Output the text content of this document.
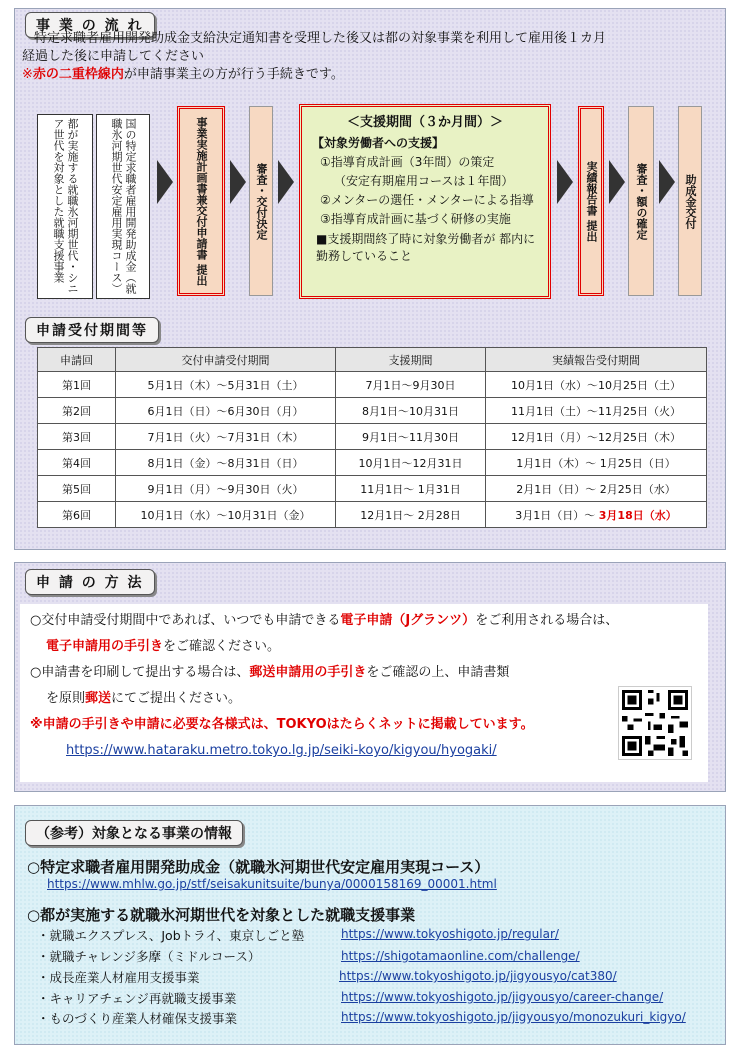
事 業 の 流 れ
申請受付期間等
特定求職者雇用開発助成金支給決定通知書を受理した後又は都の対象事業を利用して雇用後１カ月
経過した後に申請してください
※赤の二重枠線内が申請事業主の方が行う手続きです。
都が実施する就職氷河期世代・シニア世代を対象とした就職支援事業	国の特定求職者雇用開発助成金（就職氷河期世代安定雇用実現コース）	事業実施計画書兼交付申請書 提出	審査・交付決定
＜支援期間（３か月間）＞
【対象労働者への支援】
①指導育成計画（3年間）の策定
（安定有期雇用コースは１年間）
②メンターの選任・メンターによる指導
③指導育成計画に基づく研修の実施
■支援期間終了時に対象労働者が 都内に勤務していること
実績報告書 提出	審査・額の確定	助成金交付
申請回	交付申請受付期間	支援期間	実績報告受付期間
第1回	5月1日（木）～5月31日（土）	7月1日～9月30日	10月1日（水）～10月25日（土）
第2回	6月1日（日）～6月30日（月）	8月1日～10月31日	11月1日（土）～11月25日（火）
第3回	7月1日（火）～7月31日（木）	9月1日～11月30日	12月1日（月）～12月25日（木）
第4回	8月1日（金）～8月31日（日）	10月1日～12月31日	1月1日（木）～ 1月25日（日）
第5回	9月1日（月）～9月30日（火）	11月1日～ 1月31日	2月1日（日）～ 2月25日（水）
第6回	10月1日（水）～10月31日（金）	12月1日～ 2月28日	3月1日（日）～ 3月18日（水）
申 請 の 方 法
○交付申請受付期間中であれば、いつでも申請できる電子申請（Jグランツ）をご利用される場合は、
電子申請用の手引きをご確認ください。
○申請書を印刷して提出する場合は、郵送申請用の手引きをご確認の上、申請書類
を原則郵送にてご提出ください。
※申請の手引きや申請に必要な各様式は、TOKYOはたらくネットに掲載しています。
https://www.hataraku.metro.tokyo.lg.jp/seiki-koyo/kigyou/hyogaki/
（参考）対象となる事業の情報
○特定求職者雇用開発助成金（就職氷河期世代安定雇用実現コース）
https://www.mhlw.go.jp/stf/seisakunitsuite/bunya/0000158169_00001.html
○都が実施する就職氷河期世代を対象とした就職支援事業
・就職エクスプレス、Jobトライ、東京しごと塾	https://www.tokyoshigoto.jp/regular/
・就職チャレンジ多摩（ミドルコース）	https://shigotamaonline.com/challenge/
・成長産業人材雇用支援事業	https://www.tokyoshigoto.jp/jigyousyo/cat380/
・キャリアチェンジ再就職支援事業	https://www.tokyoshigoto.jp/jigyousyo/career-change/
・ものづくり産業人材確保支援事業	https://www.tokyoshigoto.jp/jigyousyo/monozukuri_kigyo/
